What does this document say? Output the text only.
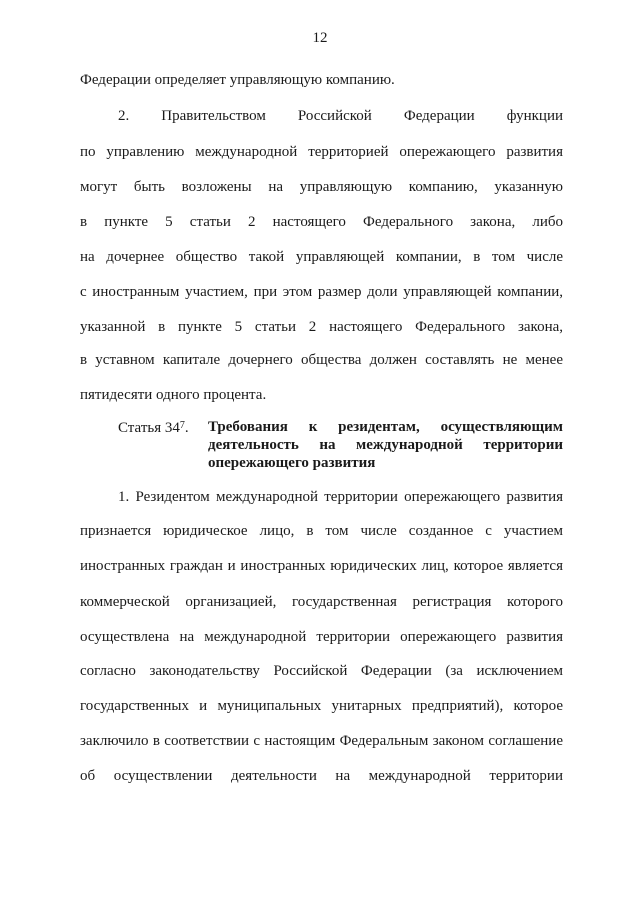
12
Федерации определяет управляющую компанию.
2. Правительством Российской Федерации функции
по управлению международной территорией опережающего развития
могут быть возложены на управляющую компанию, указанную
в пункте 5 статьи 2 настоящего Федерального закона, либо
на дочернее общество такой управляющей компании, в том числе
с иностранным участием, при этом размер доли управляющей компании,
указанной в пункте 5 статьи 2 настоящего Федерального закона,
в уставном капитале дочернего общества должен составлять не менее
пятидесяти одного процента.
Статья $34^7$. Требования к резидентам, осуществляющим
деятельность на международной территории
опережающего развития
1. Резидентом международной территории опережающего развития
признается юридическое лицо, в том числе созданное с участием
иностранных граждан и иностранных юридических лиц, которое является
коммерческой организацией, государственная регистрация которого
осуществлена на международной территории опережающего развития
согласно законодательству Российской Федерации (за исключением
государственных и муниципальных унитарных предприятий), которое
заключило в соответствии с настоящим Федеральным законом соглашение
об осуществлении деятельности на международной территории
